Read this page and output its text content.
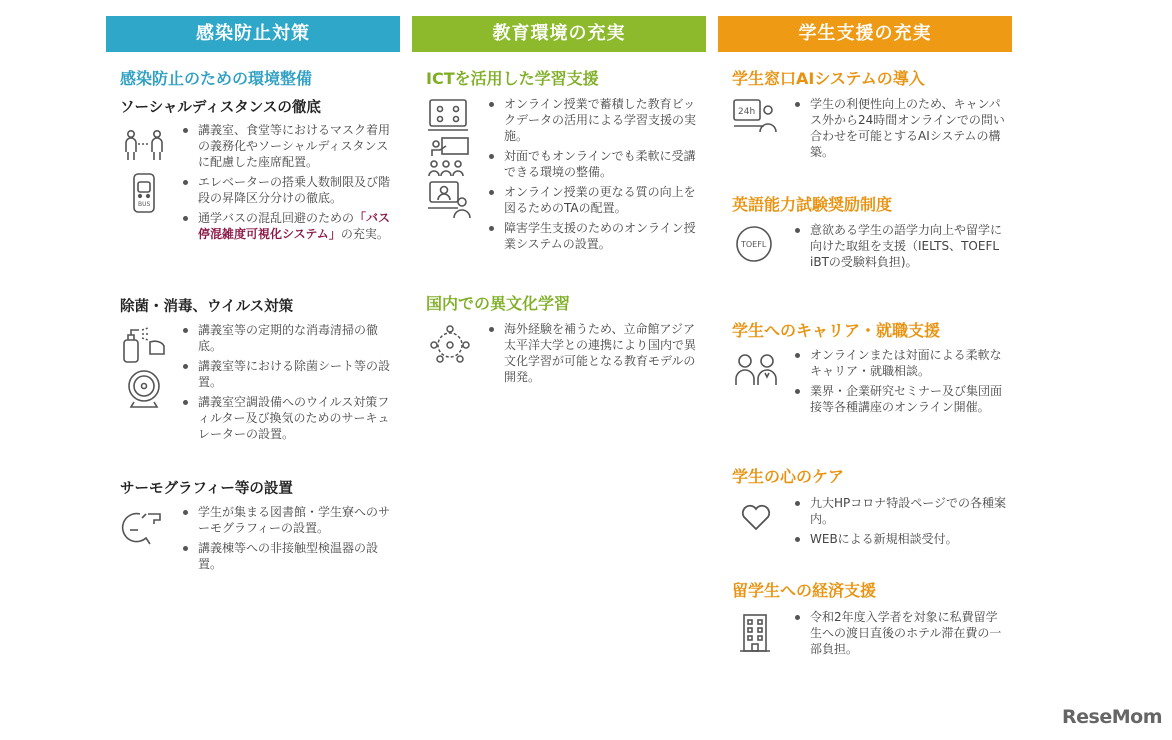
感染防止対策
感染防止のための環境整備
ソーシャルディスタンスの徹底
BUS
講義室、食堂等におけるマスク着用の義務化やソーシャルディスタンスに配慮した座席配置。
エレベーターの搭乗人数制限及び階段の昇降区分分けの徹底。
通学バスの混乱回避のための「バス停混雑度可視化システム」の充実。
除菌・消毒、ウイルス対策
講義室等の定期的な消毒清掃の徹底。
講義室等における除菌シート等の設置。
講義室空調設備へのウイルス対策フィルター及び換気のためのサーキュレーターの設置。
サーモグラフィー等の設置
学生が集まる図書館・学生寮へのサーモグラフィーの設置。
講義棟等への非接触型検温器の設置。
教育環境の充実
ICTを活用した学習支援
オンライン授業で蓄積した教育ビックデータの活用による学習支援の実施。
対面でもオンラインでも柔軟に受講できる環境の整備。
オンライン授業の更なる質の向上を図るためのTAの配置。
障害学生支援のためのオンライン授業システムの設置。
国内での異文化学習
海外経験を補うため、立命館アジア太平洋大学との連携により国内で異文化学習が可能となる教育モデルの開発。
学生支援の充実
学生窓口AIシステムの導入
24h
学生の利便性向上のため、キャンパス外から24時間オンラインでの問い合わせを可能とするAIシステムの構築。
英語能力試験奨励制度
TOEFL
意欲ある学生の語学力向上や留学に向けた取組を支援（IELTS、TOEFL iBTの受験料負担)。
学生へのキャリア・就職支援
オンラインまたは対面による柔軟なキャリア・就職相談。
業界・企業研究セミナー及び集団面接等各種講座のオンライン開催。
学生の心のケア
九大HPコロナ特設ページでの各種案内。
WEBによる新規相談受付。
留学生への経済支援
令和2年度入学者を対象に私費留学生への渡日直後のホテル滞在費の一部負担。
ReseMom
